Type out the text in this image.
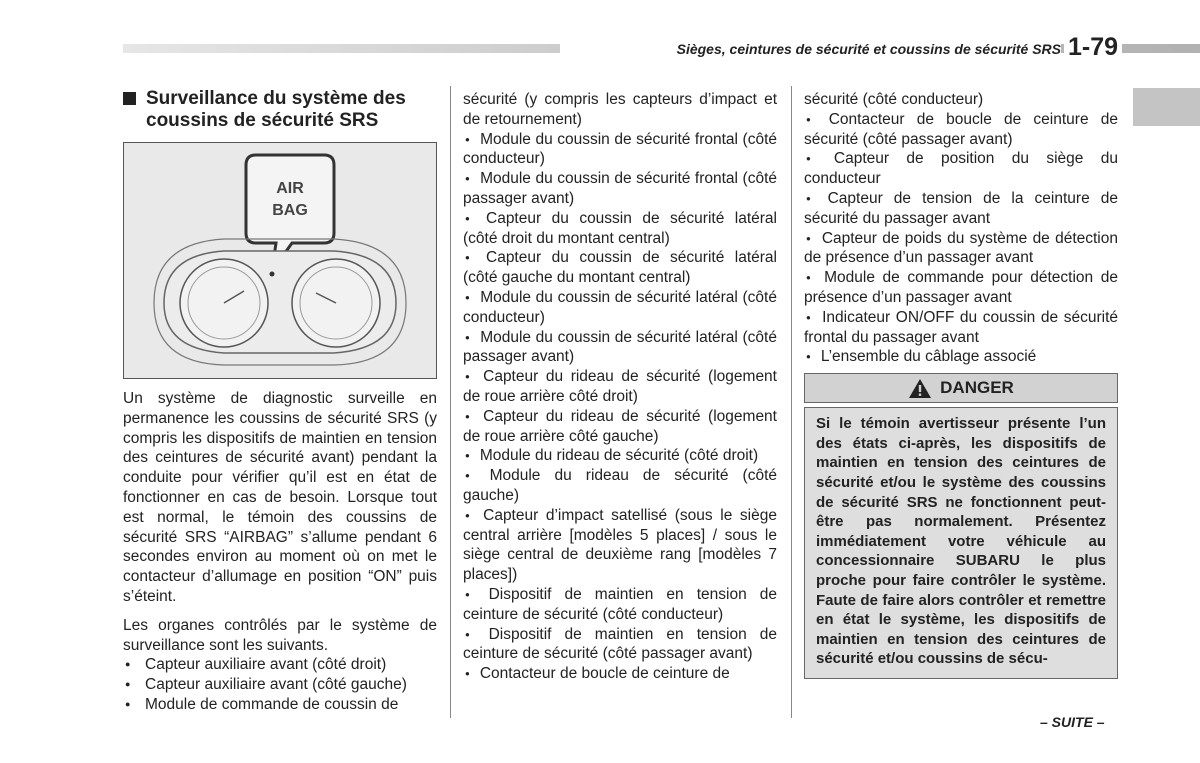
Sièges, ceintures de sécurité et coussins de sécurité SRS 1-79
Surveillance du système des coussins de sécurité SRS
AIR
BAG

Un système de diagnostic surveille en permanence les coussins de sécurité SRS (y compris les dispositifs de maintien en tension des ceintures de sécurité avant) pendant la conduite pour vérifier qu’il est en état de fonctionner en cas de besoin. Lorsque tout est normal, le témoin des coussins de sécurité SRS “AIRBAG” s’allume pendant 6 secondes environ au moment où on met le contacteur d’allumage en position “ON” puis s’éteint.

Les organes contrôlés par le système de surveillance sont les suivants.

● Capteur auxiliaire avant (côté droit)
● Capteur auxiliaire avant (côté gauche)
● Module de commande de coussin de

sécurité (y compris les capteurs d’impact et de retournement)

● Module du coussin de sécurité frontal (côté conducteur)
● Module du coussin de sécurité frontal (côté passager avant)
● Capteur du coussin de sécurité latéral (côté droit du montant central)
● Capteur du coussin de sécurité latéral (côté gauche du montant central)
● Module du coussin de sécurité latéral (côté conducteur)
● Module du coussin de sécurité latéral (côté passager avant)
● Capteur du rideau de sécurité (logement de roue arrière côté droit)
● Capteur du rideau de sécurité (logement de roue arrière côté gauche)
● Module du rideau de sécurité (côté droit)
● Module du rideau de sécurité (côté gauche)
● Capteur d’impact satellisé (sous le siège central arrière [modèles 5 places] / sous le siège central de deuxième rang [modèles 7 places])
● Dispositif de maintien en tension de ceinture de sécurité (côté conducteur)
● Dispositif de maintien en tension de ceinture de sécurité (côté passager avant)
● Contacteur de boucle de ceinture de

sécurité (côté conducteur)

● Contacteur de boucle de ceinture de sécurité (côté passager avant)
● Capteur de position du siège du conducteur
● Capteur de tension de la ceinture de sécurité du passager avant
● Capteur de poids du système de détection de présence d’un passager avant
● Module de commande pour détection de présence d’un passager avant
● Indicateur ON/OFF du coussin de sécurité frontal du passager avant
● L’ensemble du câblage associé
DANGER
Si le témoin avertisseur présente l’un des états ci-après, les dispositifs de maintien en tension des ceintures de sécurité et/ou le système des coussins de sécurité SRS ne fonctionnent peut-être pas normalement. Présentez immédiatement votre véhicule au concessionnaire SUBARU le plus proche pour faire contrôler le système. Faute de faire alors contrôler et remettre en état le système, les dispositifs de maintien en tension des ceintures de sécurité et/ou coussins de sécu-
– SUITE –
